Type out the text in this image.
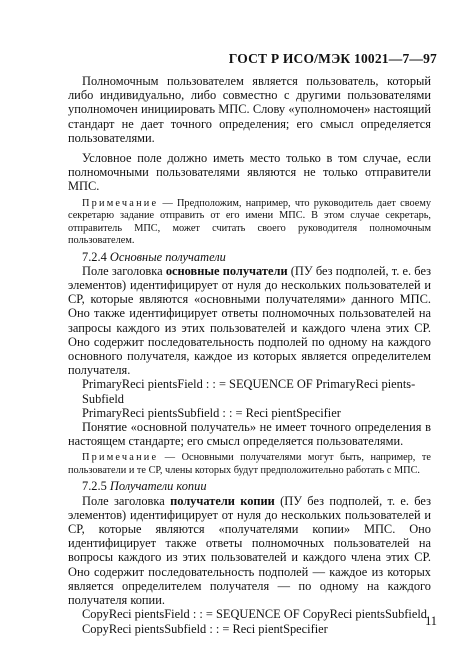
ГОСТ Р ИСО/МЭК 10021—7—97

Полномочным пользователем является пользователь, который либо индивидуально, либо совместно с другими пользователями уполномочен инициировать МПС. Слову «уполномочен» настоящий стандарт не дает точного определения; его смысл определяется пользователями.

Условное поле должно иметь место только в том случае, если полномочными пользователями являются не только отправители МПС.

Примечание — Предположим, например, что руководитель дает своему секретарю задание отправить от его имени МПС. В этом случае секретарь, отправитель МПС, может считать своего руководителя полномочным пользователем.

7.2.4 Основные получатели

Поле заголовка основные получатели (ПУ без подполей, т. е. без элементов) идентифицирует от нуля до нескольких пользователей и СР, которые являются «основными получателями» данного МПС. Оно также идентифицирует ответы полномочных пользователей на запросы каждого из этих пользователей и каждого члена этих СР. Оно содержит последовательность подполей по одному на каждого основного получателя, каждое из которых является определителем получателя.

PrimaryReci pientsField : : = SEQUENCE OF PrimaryReci pients-
Subfield
PrimaryReci pientsSubfield : : = Reci pientSpecifier

Понятие «основной получатель» не имеет точного определения в настоящем стандарте; его смысл определяется пользователями.

Примечание — Основными получателями могут быть, например, те пользователи и те СР, члены которых будут предположительно работать с МПС.

7.2.5 Получатели копии

Поле заголовка получатели копии (ПУ без подполей, т. е. без элементов) идентифицирует от нуля до нескольких пользователей и СР, которые являются «получателями копии» МПС. Оно идентифицирует также ответы полномочных пользователей на вопросы каждого из этих пользователей и каждого члена этих СР. Оно содержит последовательность подполей — каждое из которых является определителем получателя — по одному на каждого получателя копии.

CopyReci pientsField : : = SEQUENCE OF CopyReci pientsSubfield
CopyReci pientsSubfield : : = Reci pientSpecifier

11
